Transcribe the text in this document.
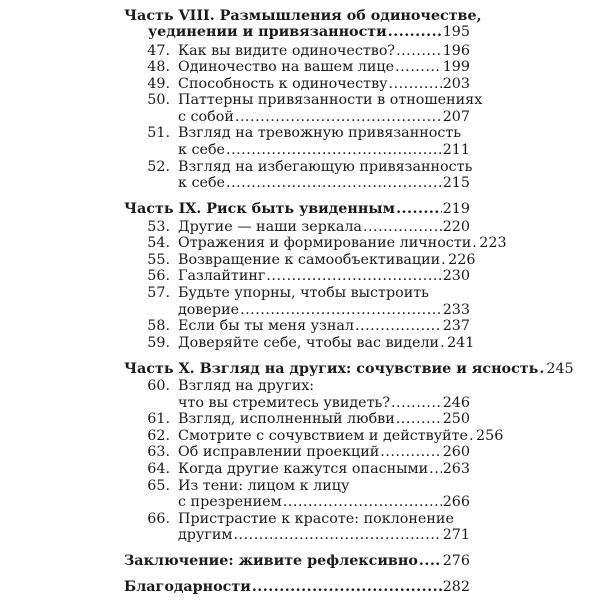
Часть VIII. Размышления об одиночестве,
уединении и привязанности .....	195
47. Как вы видите одиночество? .....	196
48. Одиночество на вашем лице .....	199
49. Способность к одиночеству .....	203
50. Паттерны привязанности в отношениях
с собой .....	207
51. Взгляд на тревожную привязанность
к себе .....	211
52. Взгляд на избегающую привязанность
к себе .....	215
Часть IX. Риск быть увиденным .....	219
53. Другие — наши зеркала .....	220
54. Отражения и формирование личности ..... 223
55. Возвращение к самообъективации ..... 226
56. Газлайтинг .....	230
57. Будьте упорны, чтобы выстроить
доверие .....	233
58. Если бы ты меня узнал .....	237
59. Доверяйте себе, чтобы вас видели ..... 241
Часть X. Взгляд на других: сочувствие и ясность ..... 245
60. Взгляд на других:
что вы стремитесь увидеть? .....	246
61. Взгляд, исполненный любви .....	250
62. Смотрите с сочувствием и действуйте ..... 256
63. Об исправлении проекций .....	260
64. Когда другие кажутся опасными ..... 263
65. Из тени: лицом к лицу
с презрением .....	266
66. Пристрастие к красоте: поклонение
другим .....	271
Заключение: живите рефлексивно ..... 276
Благодарности .....	282
